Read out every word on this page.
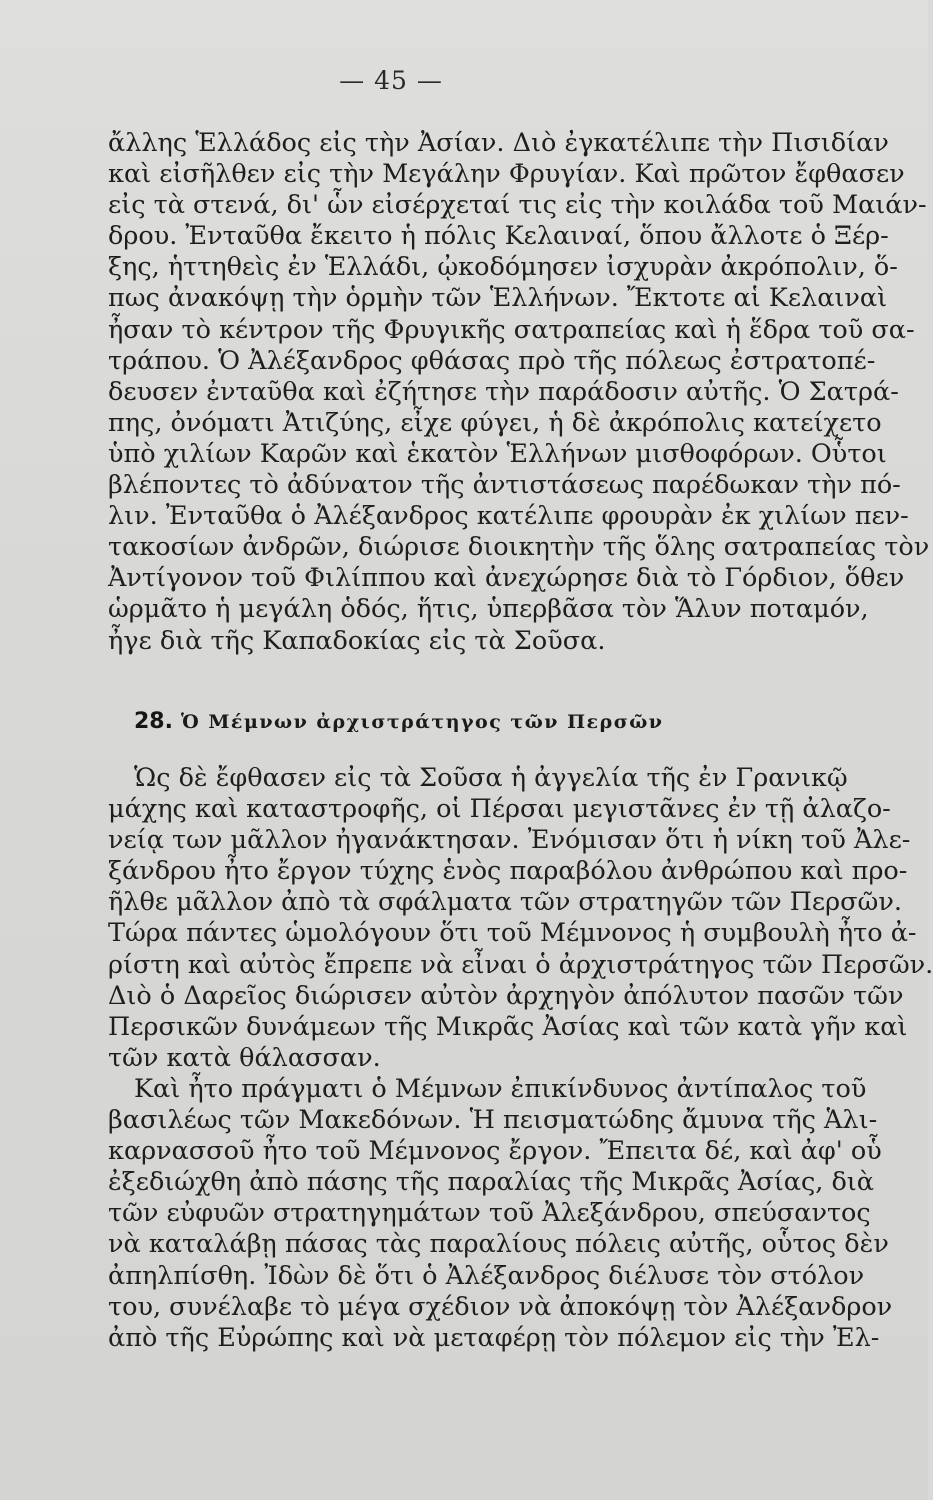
— 45 —
ἄλλης Ἑλλάδος εἰς τὴν Ἀσίαν. Διὸ ἐγκατέλιπε τὴν Πισιδίαν
καὶ εἰσῆλθεν εἰς τὴν Μεγάλην Φρυγίαν. Καὶ πρῶτον ἔφθασεν
εἰς τὰ στενά, δι' ὧν εἰσέρχεταί τις εἰς τὴν κοιλάδα τοῦ Μαιάν-
δρου. Ἐνταῦθα ἔκειτο ἡ πόλις Κελαιναί, ὅπου ἄλλοτε ὁ Ξέρ-
ξης, ἡττηθεὶς ἐν Ἑλλάδι, ᾠκοδόμησεν ἰσχυρὰν ἀκρόπολιν, ὅ-
πως ἀνακόψῃ τὴν ὁρμὴν τῶν Ἑλλήνων. Ἔκτοτε αἱ Κελαιναὶ
ἦσαν τὸ κέντρον τῆς Φρυγικῆς σατραπείας καὶ ἡ ἕδρα τοῦ σα-
τράπου. Ὁ Ἀλέξανδρος φθάσας πρὸ τῆς πόλεως ἐστρατοπέ-
δευσεν ἐνταῦθα καὶ ἐζήτησε τὴν παράδοσιν αὐτῆς. Ὁ Σατρά-
πης, ὀνόματι Ἀτιζύης, εἶχε φύγει, ἡ δὲ ἀκρόπολις κατείχετο
ὑπὸ χιλίων Καρῶν καὶ ἑκατὸν Ἑλλήνων μισθοφόρων. Οὗτοι
βλέποντες τὸ ἀδύνατον τῆς ἀντιστάσεως παρέδωκαν τὴν πό-
λιν. Ἐνταῦθα ὁ Ἀλέξανδρος κατέλιπε φρουρὰν ἐκ χιλίων πεν-
τακοσίων ἀνδρῶν, διώρισε διοικητὴν τῆς ὅλης σατραπείας τὸν
Ἀντίγονον τοῦ Φιλίππου καὶ ἀνεχώρησε διὰ τὸ Γόρδιον, ὅθεν
ὡρμᾶτο ἡ μεγάλη ὁδός, ἥτις, ὑπερβᾶσα τὸν Ἅλυν ποταμόν,
ἦγε διὰ τῆς Καπαδοκίας εἰς τὰ Σοῦσα.
28. Ὁ Μέμνων ἀρχιστράτηγος τῶν Περσῶν
Ὡς δὲ ἔφθασεν εἰς τὰ Σοῦσα ἡ ἀγγελία τῆς ἐν Γρανικῷ
μάχης καὶ καταστροφῆς, οἱ Πέρσαι μεγιστᾶνες ἐν τῇ ἀλαζο-
νείᾳ των μᾶλλον ἠγανάκτησαν. Ἐνόμισαν ὅτι ἡ νίκη τοῦ Ἀλε-
ξάνδρου ἦτο ἔργον τύχης ἑνὸς παραβόλου ἀνθρώπου καὶ προ-
ῆλθε μᾶλλον ἀπὸ τὰ σφάλματα τῶν στρατηγῶν τῶν Περσῶν.
Τώρα πάντες ὡμολόγουν ὅτι τοῦ Μέμνονος ἡ συμβουλὴ ἦτο ἀ-
ρίστη καὶ αὐτὸς ἔπρεπε νὰ εἶναι ὁ ἀρχιστράτηγος τῶν Περσῶν.
Διὸ ὁ Δαρεῖος διώρισεν αὐτὸν ἀρχηγὸν ἀπόλυτον πασῶν τῶν
Περσικῶν δυνάμεων τῆς Μικρᾶς Ἀσίας καὶ τῶν κατὰ γῆν καὶ
τῶν κατὰ θάλασσαν.
Καὶ ἦτο πράγματι ὁ Μέμνων ἐπικίνδυνος ἀντίπαλος τοῦ
βασιλέως τῶν Μακεδόνων. Ἡ πεισματώδης ἄμυνα τῆς Ἁλι-
καρνασσοῦ ἦτο τοῦ Μέμνονος ἔργον. Ἔπειτα δέ, καὶ ἀφ' οὗ
ἐξεδιώχθη ἀπὸ πάσης τῆς παραλίας τῆς Μικρᾶς Ἀσίας, διὰ
τῶν εὐφυῶν στρατηγημάτων τοῦ Ἀλεξάνδρου, σπεύσαντος
νὰ καταλάβῃ πάσας τὰς παραλίους πόλεις αὐτῆς, οὗτος δὲν
ἀπηλπίσθη. Ἰδὼν δὲ ὅτι ὁ Ἀλέξανδρος διέλυσε τὸν στόλον
του, συνέλαβε τὸ μέγα σχέδιον νὰ ἀποκόψῃ τὸν Ἀλέξανδρον
ἀπὸ τῆς Εὐρώπης καὶ νὰ μεταφέρῃ τὸν πόλεμον εἰς τὴν Ἐλ-
